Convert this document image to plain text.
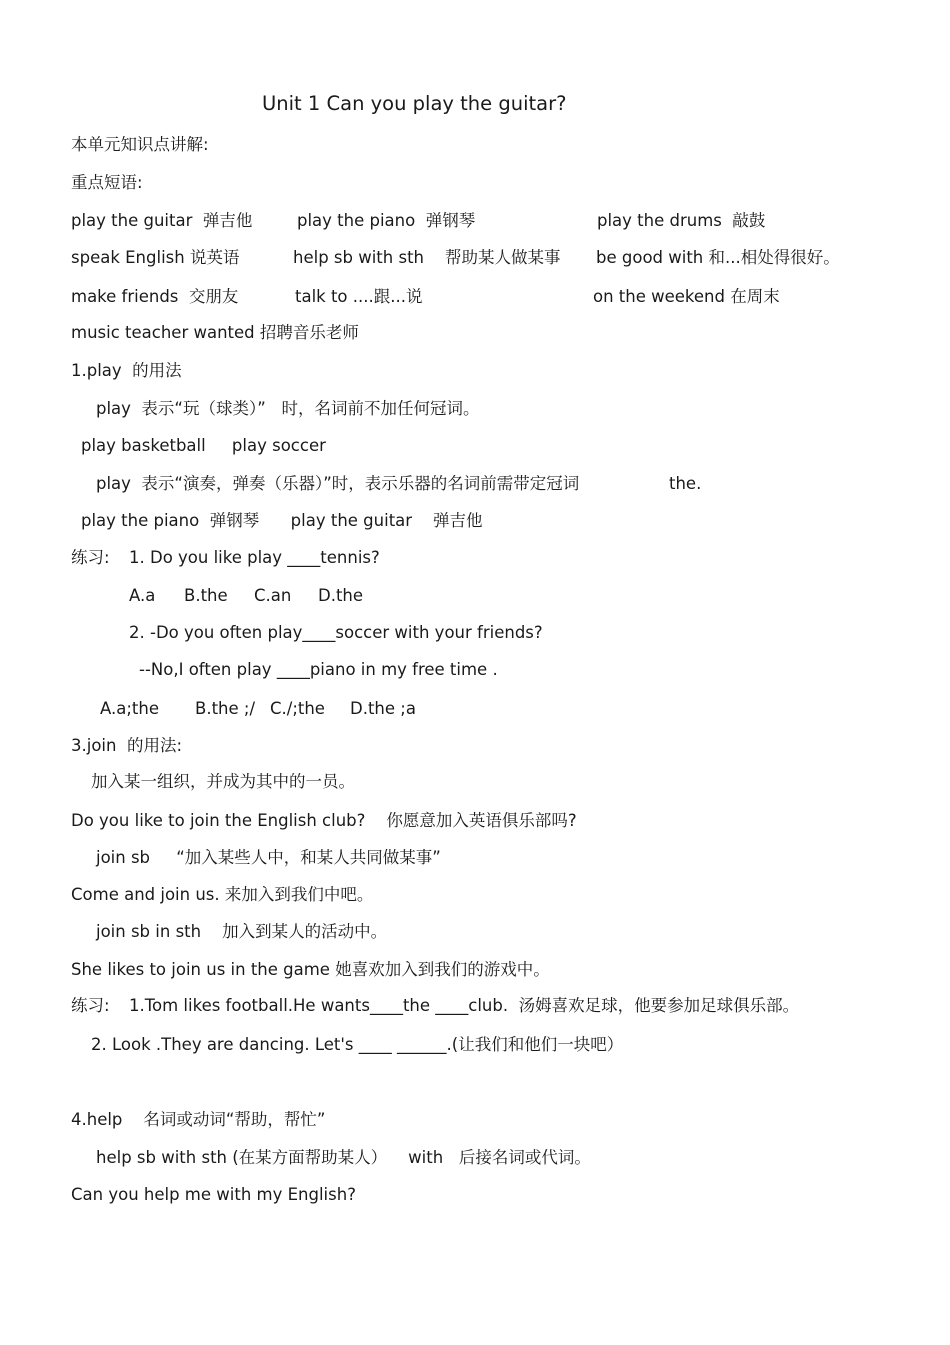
Unit 1 Can you play the guitar?
本单元知识点讲解:
重点短语:
play the guitar  弹吉他	play the piano  弹钢琴	play the drums  敲鼓
speak English 说英语	help sb with sth    帮助某人做某事 be good with 和...相处得很好。
make friends  交朋友	talk to ....跟...说	on the weekend 在周末
music teacher wanted 招聘音乐老师
1.play  的用法
play  表示“玩（球类）”   时，名词前不加任何冠词。
play basketball     play soccer
play  表示“演奏，弹奏（乐器）”时，表示乐器的名词前需带定冠词	the.
play the piano  弹钢琴      play the guitar    弹吉他
练习: 1. Do you like play ____tennis?
A.a B.the C.an D.the
2. -Do you often play____soccer with your friends?
--No,I often play ____piano in my free time .
A.a;the B.the ;/ C./;the D.the ;a
3.join  的用法:
加入某一组织，并成为其中的一员。
Do you like to join the English club?    你愿意加入英语俱乐部吗?
join sb     “加入某些人中，和某人共同做某事”
Come and join us. 来加入到我们中吧。
join sb in sth    加入到某人的活动中。
She likes to join us in the game 她喜欢加入到我们的游戏中。
练习: 1.Tom likes football.He wants____the ____club.  汤姆喜欢足球，他要参加足球俱乐部。
2. Look .They are dancing. Let's ____ ______.(让我们和他们一块吧）
4.help    名词或动词“帮助，帮忙”
help sb with sth (在某方面帮助某人）    with   后接名词或代词。
Can you help me with my English?
